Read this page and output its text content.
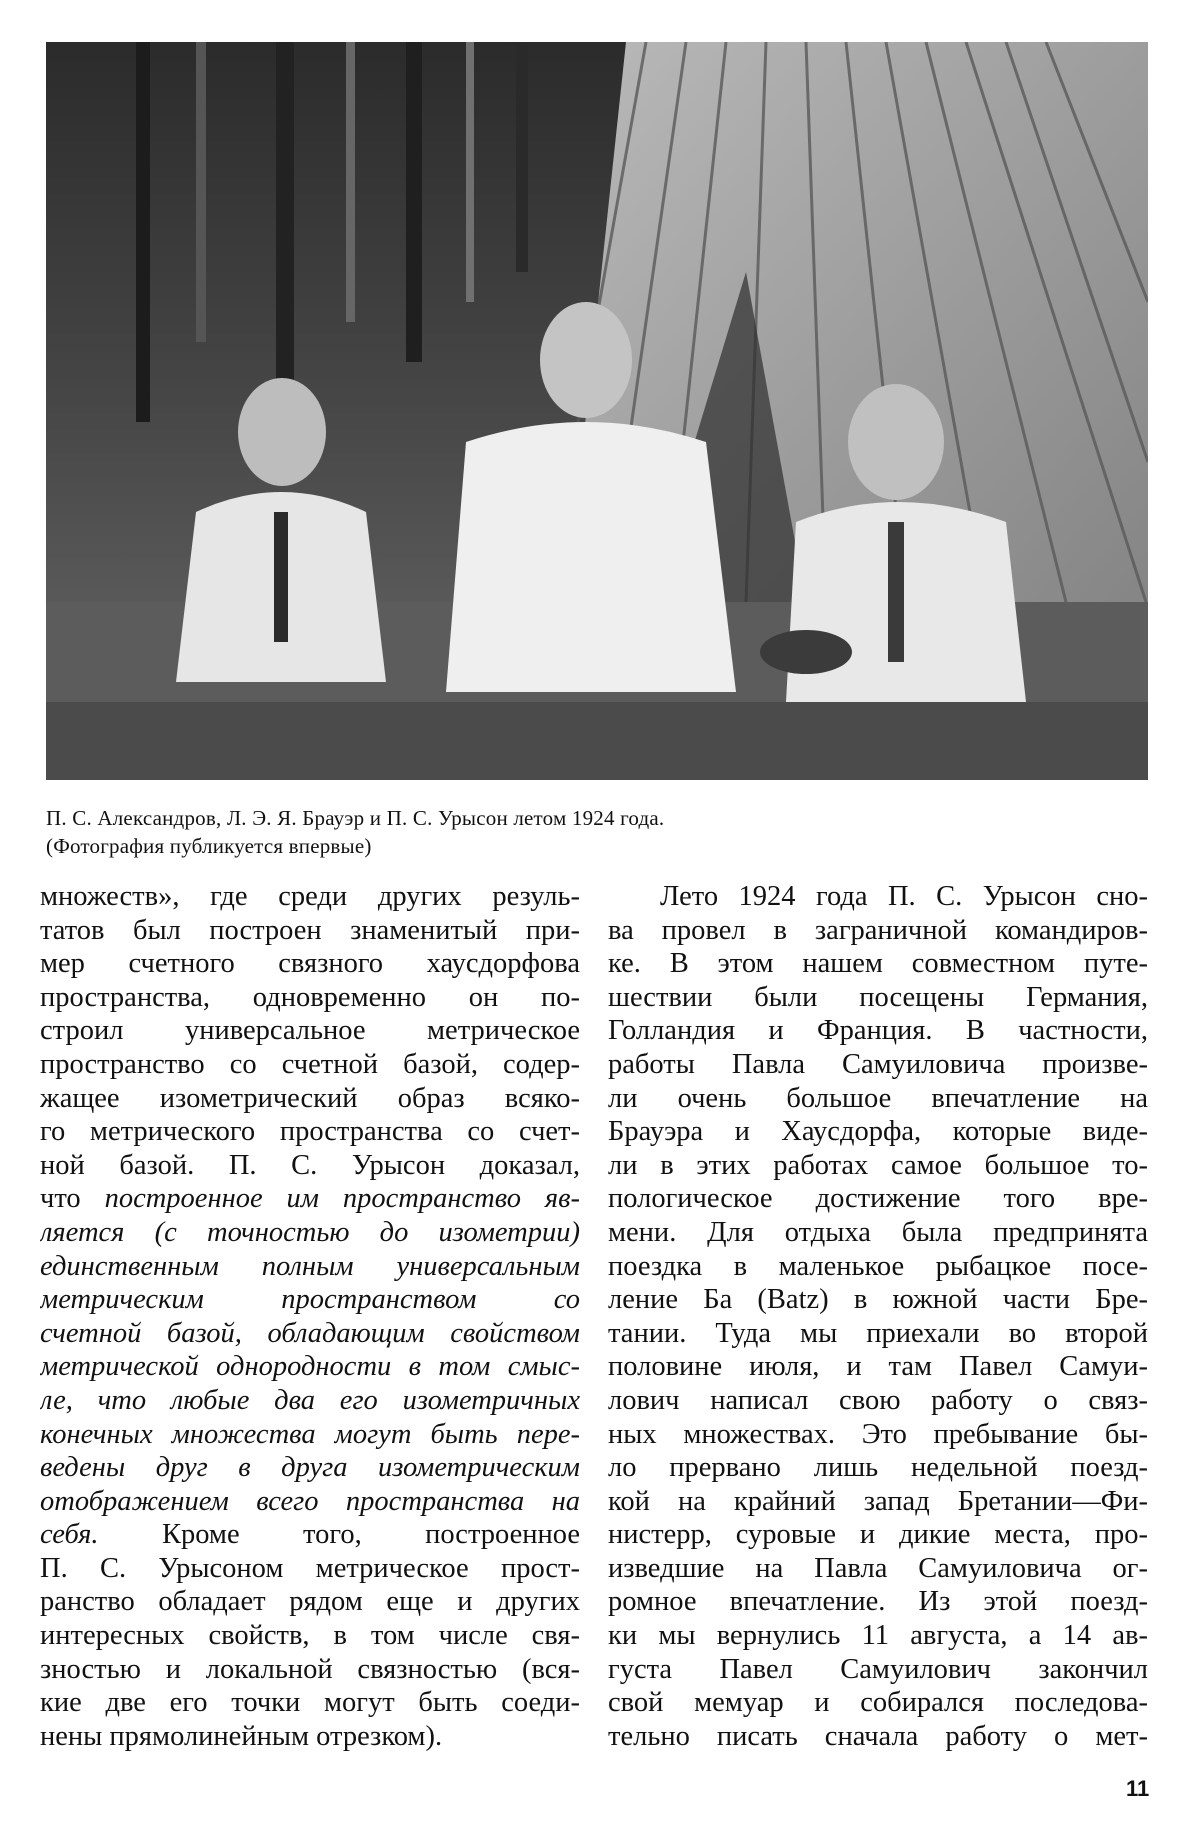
П. С. Александров, Л. Э. Я. Брауэр и П. С. Урысон летом 1924 года.
(Фотография публикуется впервые)
множеств», где среди других резуль-
татов был построен знаменитый при-
мер счетного связного хаусдорфова
пространства, одновременно он по-
строил универсальное метрическое
пространство со счетной базой, содер-
жащее изометрический образ всяко-
го метрического пространства со счет-
ной базой. П. С. Урысон доказал,
что построенное им пространство яв-
ляется (с точностью до изометрии)
единственным полным универсальным
метрическим пространством со
счетной базой, обладающим свойством
метрической однородности в том смыс-
ле, что любые два его изометричных
конечных множества могут быть пере-
ведены друг в друга изометрическим
отображением всего пространства на
себя. Кроме того, построенное
П. С. Урысоном метрическое прост-
ранство обладает рядом еще и других
интересных свойств, в том числе свя-
зностью и локальной связностью (вся-
кие две его точки могут быть соеди-
нены прямолинейным отрезком).
Лето 1924 года П. С. Урысон сно-
ва провел в заграничной командиров-
ке. В этом нашем совместном путе-
шествии были посещены Германия,
Голландия и Франция. В частности,
работы Павла Самуиловича произве-
ли очень большое впечатление на
Брауэра и Хаусдорфа, которые виде-
ли в этих работах самое большое то-
пологическое достижение того вре-
мени. Для отдыха была предпринята
поездка в маленькое рыбацкое посе-
ление Ба (Batz) в южной части Бре-
тании. Туда мы приехали во второй
половине июля, и там Павел Самуи-
лович написал свою работу о связ-
ных множествах. Это пребывание бы-
ло прервано лишь недельной поезд-
кой на крайний запад Бретании—Фи-
нистерр, суровые и дикие места, про-
изведшие на Павла Самуиловича ог-
ромное впечатление. Из этой поезд-
ки мы вернулись 11 августа, а 14 ав-
густа Павел Самуилович закончил
свой мемуар и собирался последова-
тельно писать сначала работу о мет-
11
